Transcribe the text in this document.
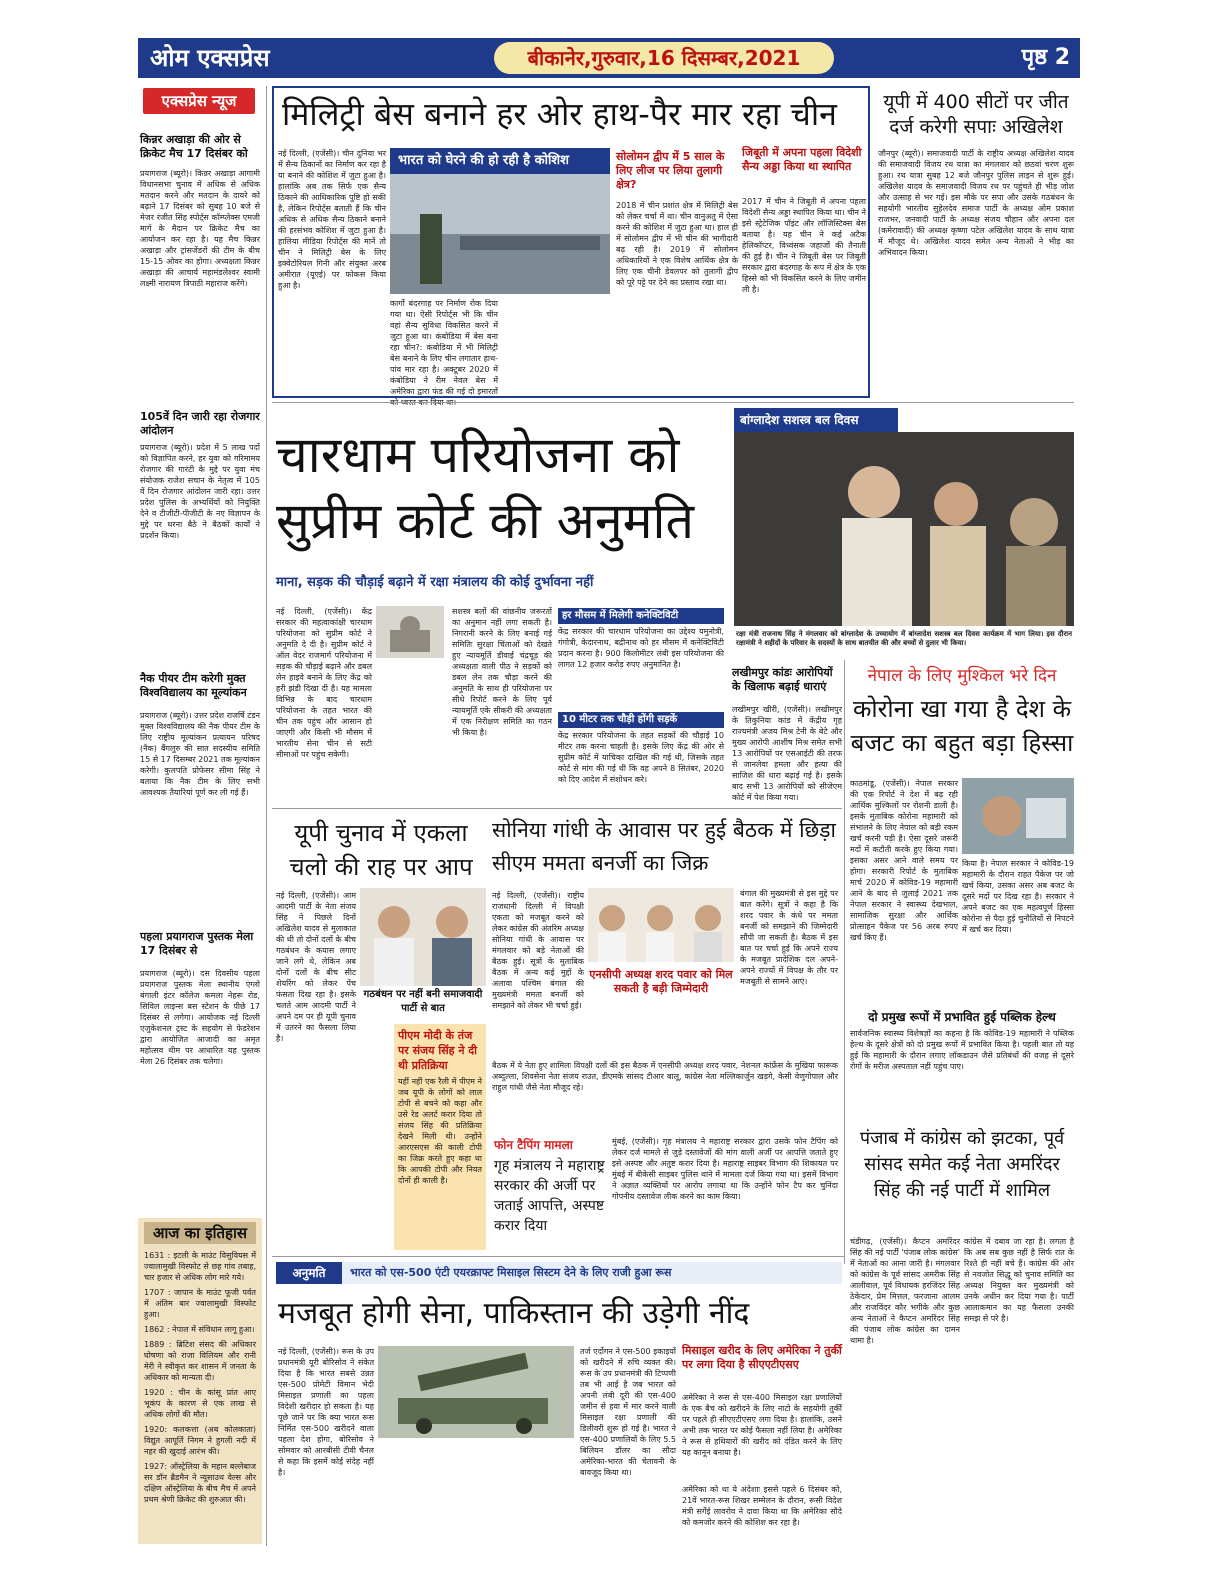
ओम एक्सप्रेस	बीकानेर,गुरुवार,16 दिसम्बर,2021	पृष्ठ 2
एक्सप्रेस न्यूज
किन्नर अखाड़ा की ओर से क्रिकेट मैच 17 दिसंबर को
प्रयागराज (ब्यूरो)। किन्नर अखाड़ा आगामी विधानसभा चुनाव में अधिक से अधिक मतदान करने और मतदान के दायरे को बढ़ाने 17 दिसंबर को सुबह 10 बजे से मेजर रंजीत सिंह स्पोर्ट्स कॉम्प्लेक्स एमजी मार्ग के मैदान पर क्रिकेट मैच का आयोजन कर रहा है। यह मैच किन्नर अखाड़ा और ट्रांसजेंडरों की टीम के बीच 15-15 ओवर का होगा। अध्यक्षता किन्नर अखाड़ा की आचार्य महामंडलेश्वर स्वामी लक्ष्मी नारायण त्रिपाठी महाराज करेंगे।
105वें दिन जारी रहा रोजगार आंदोलन
प्रयागराज (ब्यूरो)। प्रदेश में 5 लाख पदों को विज्ञापित करने, हर युवा को गरिमामय रोजगार की गारंटी के मुद्दे पर युवा मंच संयोजक राजेश सचान के नेतृत्व में 105 वें दिन रोजगार आंदोलन जारी रहा। उत्तर प्रदेश पुलिस के अभ्यर्थियों को नियुक्ति देने व टीजीटी-पीजीटी के नए विज्ञापन के मुद्दे पर धरना बैठे ने बैठकों कार्यों ने प्रदर्शन किया।
नैक पीयर टीम करेगी मुक्त विश्वविद्यालय का मूल्यांकन
प्रयागराज (ब्यूरो)। उत्तर प्रदेश राजर्षि टंडन मुक्त विश्वविद्यालय की नैक पीयर टीम के लिए राष्ट्रीय मूल्यांकन प्रत्यायन परिषद (नैक) बैंगलुरु की सात सदस्यीय समिति 15 से 17 दिसम्बर 2021 तक मूल्यांकन करेगी। कुलपति प्रोफेसर सीमा सिंह ने बताया कि नैक टीम के लिए सभी आवश्यक तैयारियां पूर्ण कर ली गई हैं।
पहला प्रयागराज पुस्तक मेला 17 दिसंबर से
प्रयागराज (ब्यूरो)। दस दिवसीय पहला प्रयागराज पुस्तक मेला स्थानीय एंग्लो बंगाली इंटर कॉलेज कमला नेहरू रोड, सिविल लाइन्स बस स्टेशन के पीछे 17 दिसंबर से लगेगा। आयोजक नई दिल्ली एजुकेशनल ट्रस्ट के सहयोग से फेडरेशन द्वारा आयोजित आजादी का अमृत महोत्सव थीम पर आधारित यह पुस्तक मेला 26 दिसंबर तक चलेगा।
आज का इतिहास
1631 : इटली के माउंट विसुवियस में ज्वालामुखी विस्फोट से छह गांव तबाह, चार हजार से अधिक लोग मारे गये।
1707 : जापान के माउंट फूजी पर्वत में अंतिम बार ज्वालामुखी विस्फोट हुआ।
1862 : नेपाल में संविधान लागू हुआ।
1889 : ब्रिटिश संसद की अधिकार घोषणा को राजा विलियम और रानी मेरी ने स्वीकृत कर शासन में जनता के अधिकार को मान्यता दी।
1920 : चीन के कांसू प्रांत आए भूकंप के कारण से एक लाख से अधिक लोगों की मौत।
1920: कलकत्ता (अब कोलकाता) विद्युत आपूर्ति निगम ने हुगली नदी में नहर की खुदाई आरंभ की।
1927: ऑस्ट्रेलिया के महान बल्लेबाज सर डॉन ब्रैडमैन ने न्यूसाउथ वेल्स और दक्षिण ऑस्ट्रेलिया के बीच मैच में अपने प्रथम श्रेणी क्रिकेट की शुरुआत की।
मिलिट्री बेस बनाने हर ओर हाथ-पैर मार रहा चीन
नई दिल्ली, (एजेंसी)। चीन दुनिया भर में सैन्य ठिकानों का निर्माण कर रहा है या बनाने की कोशिश में जुटा हुआ है। हालांकि अब तक सिर्फ एक सैन्य ठिकाने की आधिकारिक पुष्टि हो सकी है, लेकिन रिपोर्ट्स बताती हैं कि चीन अधिक से अधिक सैन्य ठिकाने बनाने की हरसंभव कोशिश में जुटा हुआ है। हालिया मीडिया रिपोर्ट्स की मानें तो चीन ने मिलिट्री बेस के लिए इक्वेटोरियल गिनी और संयुक्त अरब अमीरात (यूएई) पर फोकस किया हुआ है।
भारत को घेरने की हो रही है कोशिश
कार्गो बंदरगाह पर निर्माण रोक दिया गया था। ऐसी रिपोर्ट्स भी कि चीन वहां सैन्य सुविधा विकसित करने में जुटा हुआ था। कंबोडिया में बेस बना रहा चीन?: कंबोडिया में भी मिलिट्री बेस बनाने के लिए चीन लगातार हाथ-पांव मार रहा है। अक्टूबर 2020 में कंबोडिया ने रीम नेवल बेस में अमेरिका द्वारा फंड की गई दो इमारतों
सोलोमन द्वीप में 5 साल के लिए लीज पर लिया तुलागी क्षेत्र?
2018 में चीन प्रशांत क्षेत्र में मिलिट्री बेस को लेकर चर्चा में था। चीन वानुअतु में ऐसा करने की कोशिश में जुटा हुआ था। हाल ही में सोलोमन द्वीप में भी चीन की भागीदारी बढ़ रही है। 2019 में सोलोमन अधिकारियों ने एक विशेष आर्थिक क्षेत्र के लिए एक चीनी डेवलपर को तुलागी द्वीप को पूरे पट्टे पर देने का प्रस्ताव रखा था।
जिबूती में अपना पहला विदेशी सैन्य अड्डा किया था स्थापित
2017 में चीन ने जिबूती में अपना पहला विदेशी सैन्य अड्डा स्थापित किया था। चीन ने इसे स्ट्रेटेजिक पॉइंट और लॉजिस्टिक्स बेस बताया है। यह चीन ने कई अटैक हेलिकॉप्टर, विध्वंसक जहाजों की तैनाती की हुई है। चीन ने जिबूती बेस पर जिबूती सरकार द्वारा बंदरगाह के रूप में क्षेत्र के एक हिस्से को भी विकसित करने के लिए जमीन ली है।
यूपी में 400 सीटों पर जीत दर्ज करेगी सपाः अखिलेश
जौनपुर (ब्यूरो)। समाजवादी पार्टी के राष्ट्रीय अध्यक्ष अखिलेश यादव की समाजवादी विजय रथ यात्रा का मंगलवार को छठवां चरण शुरू हुआ। रथ यात्रा सुबह 12 बजे जौनपुर पुलिस लाइन से शुरू हुई। अखिलेश यादव के समाजवादी विजय रथ पर पहुंचते ही भीड़ जोश और उत्साह से भर गई। इस मौके पर सपा और उसके गठबंधन के सहयोगी भारतीय सुहेलदेव समाज पार्टी के अध्यक्ष ओम प्रकाश राजभर, जनवादी पार्टी के अध्यक्ष संजय चौहान और अपना दल (कमेरावादी) की अध्यक्ष कृष्णा पटेल अखिलेश यादव के साथ यात्रा में मौजूद थे। अखिलेश यादव समेत अन्य नेताओं ने भीड़ का अभिवादन किया।
चारधाम परियोजना को सुप्रीम कोर्ट की अनुमति
माना, सड़क की चौड़ाई बढ़ाने में रक्षा मंत्रालय की कोई दुर्भावना नहीं
नई दिल्ली, (एजेंसी)। केंद्र सरकार की महत्वाकांक्षी चारधाम परियोजना को सुप्रीम कोर्ट ने अनुमति दे दी है। सुप्रीम कोर्ट ने ऑल वेदर राजमार्ग परियोजना में सड़क की चौड़ाई बढ़ाने और डबल लेन हाइवे बनाने के लिए केंद्र को हरी झंडी दिखा दी है। यह मामला विभिन्न के बाद चारधाम परियोजना के तहत भारत की चीन तक पहुंच और आसान हो जाएगी और किसी भी मौसम में भारतीय सेना चीन से सटी सीमाओं पर पहुंच सकेगी।
सशस्त्र बलों की वांछनीय जरूरतों का अनुमान नहीं लगा सकती है। निगरानी करने के लिए बनाई गई समितिः सुरक्षा चिंताओं को देखते हुए न्यायमूर्ति डीवाई चंद्रचूड़ की अध्यक्षता वाली पीठ ने सड़कों को डबल लेन तक चौड़ा करने की अनुमति के साथ ही परियोजना पर सीधे रिपोर्ट करने के लिए पूर्व न्यायमूर्ति एके सीकरी की अध्यक्षता में एक निरीक्षण समिति का गठन भी किया है।
हर मौसम में मिलेगी कनेक्टिविटी
केंद्र सरकार की चारधाम परियोजना का उद्देश्य यमुनोत्री, गंगोत्री, केदारनाथ, बद्रीनाथ को हर मौसम में कनेक्टिविटी प्रदान करना है। 900 किलोमीटर लंबी इस परियोजना की लागत 12 हजार करोड़ रुपए अनुमानित है।
10 मीटर तक चौड़ी होंगी सड़कें
केंद्र सरकार परियोजना के तहत सड़कों की चौड़ाई 10 मीटर तक करना चाहती है। इसके लिए केंद्र की ओर से सुप्रीम कोर्ट में याचिका दाखिल की गई थी, जिसके तहत कोर्ट से मांग की गई थी कि वह अपने 8 सितंबर, 2020 को दिए आदेश में संशोधन करे।
बांग्लादेश सशस्त्र बल दिवस
रक्षा मंत्री राजनाथ सिंह ने मंगलवार को बांग्लादेश के उच्चायोग में बांग्लादेश सशस्त्र बल दिवस कार्यक्रम में भाग लिया। इस दौरान रक्षामंत्री ने शहीदों के परिवार के सदस्यों के साथ बातचीत की और बच्चों से दुलार भी किया।
लखीमपुर कांडः आरोपियों के खिलाफ बढ़ाई धाराएं
लखीमपुर खीरी, (एजेंसी)। लखीमपुर के तिकुनिया कांड में केंद्रीय गृह राज्यमंत्री अजय मिश्र टेनी के बेटे और मुख्य आरोपी आशीष मिश्र समेत सभी 13 आरोपियों पर एसआईटी की तरफ से जानलेवा हमला और हत्या की साजिश की धारा बढ़ाई गई है। इसके बाद सभी 13 आरोपियों को सीजेएम कोर्ट में पेश किया गया।
नेपाल के लिए मुश्किल भरे दिन
कोरोना खा गया है देश के बजट का बहुत बड़ा हिस्सा
काठमांडू, (एजेंसी)। नेपाल सरकार की एक रिपोर्ट ने देश में बढ़ रही आर्थिक मुश्किलों पर रोशनी डाली है। इसके मुताबिक कोरोना महामारी को संभालने के लिए नेपाल को बड़ी रकम खर्च करनी पड़ी है। ऐसा दूसरे जरूरी मदों में कटौती करके हुए किया गया। इसका असर आने वाले समय पर होगा। सरकारी रिपोर्ट के मुताबिक मार्च 2020 में कोविड-19 महामारी आने के बाद से जुलाई 2021 तक नेपाल सरकार ने स्वास्थ्य देखभाल, सामाजिक सुरक्षा और आर्थिक प्रोत्साहन पैकेज पर 56 अरब रुपए खर्च किए हैं।
किया है। नेपाल सरकार ने कोविड-19 महामारी के दौरान राहत पैकेज पर जो खर्च किया, उसका असर अब बजट के दूसरे मदों पर दिख रहा है। सरकार ने अपने बजट का एक महत्वपूर्ण हिस्सा कोरोना से पैदा हुई चुनौतियों से निपटने में खर्च कर दिया।
दो प्रमुख रूपों में प्रभावित हुई पब्लिक हेल्थ
सार्वजनिक स्वास्थ्य विशेषज्ञों का कहना है कि कोविड-19 महामारी ने पब्लिक हेल्थ के दूसरे क्षेत्रों को दो प्रमुख रूपों में प्रभावित किया है। पहली बात तो यह हुई कि महामारी के दौरान लगाए लॉकडाउन जैसे प्रतिबंधों की वजह से दूसरे रोगों के मरीज अस्पताल नहीं पहुंच पाए।
यूपी चुनाव में एकला चलो की राह पर आप
नई दिल्ली, (एजेंसी)। आम आदमी पार्टी के नेता संजय सिंह ने पिछले दिनों अखिलेश यादव से मुलाकात की थी तो दोनों दलों के बीच गठबंधन के कयास लगाए जाने लगे थे, लेकिन अब दोनों दलों के बीच सीट शेयरिंग को लेकर पेंच फंसता दिख रहा है। इसके चलते आम आदमी पार्टी ने अपने दम पर ही यूपी चुनाव में उतरने का फैसला लिया है।
गठबंधन पर नहीं बनी समाजवादी पार्टी से बात
पीएम मोदी के तंज पर संजय सिंह ने दी थी प्रतिक्रिया
यहीं नहीं एक रैली में पीएम ने जब यूपी के लोगों को लाल टोपी से बचने को कहा और उसे रेड अलर्ट करार दिया तो संजय सिंह की प्रतिक्रिया देखने मिली थी। उन्होंने आरएसएस की काली टोपी का जिक्र करते हुए कहा था कि आपकी टोपी और नियत दोनों ही काली है।
सोनिया गांधी के आवास पर हुई बैठक में छिड़ा सीएम ममता बनर्जी का जिक्र
नई दिल्ली, (एजेंसी)। राष्ट्रीय राजधानी दिल्ली में विपक्षी एकता को मजबूत करने को लेकर कांग्रेस की अंतरिम अध्यक्ष सोनिया गांधी के आवास पर मंगलवार को बड़े नेताओं की बैठक हुई। सूत्रों के मुताबिक बैठक में अन्य कई मुद्दों के अलावा पश्चिम बंगाल की मुख्यमंत्री ममता बनर्जी को समझाने को लेकर भी चर्चा हुई।
एनसीपी अध्यक्ष शरद पवार को मिल सकती है बड़ी जिम्मेदारी
बंगाल की मुख्यमंत्री से इस मुद्दे पर बात करेंगे। सूत्रों ने कहा है कि शरद पवार के कंधे पर ममता बनर्जी को समझाने की जिम्मेदारी सौंपी जा सकती है। बैठक में इस बात पर चर्चा हुई कि अपने राज्य के मजबूत प्रादेशिक दल अपने-अपने राज्यों में विपक्ष के तौर पर मजबूती से सामने आएं।
बैठक में ये नेता हुए शामिलः विपक्षी दलों की इस बैठक में एनसीपी अध्यक्ष शरद पवार, नेशनल कांफ्रेंस के मुखिया फारूक अब्दुल्ला, शिवसेना नेता संजय राउत, डीएमके सांसद टीआर बालू, कांग्रेस नेता मल्लिकार्जुन खड़गे, केसी वेणुगोपाल और राहुल गांधी जैसे नेता मौजूद रहे।
फोन टैपिंग मामला
गृह मंत्रालय ने महाराष्ट्र सरकार की अर्जी पर जताई आपत्ति, अस्पष्ट करार दिया
मुंबई, (एजेंसी)। गृह मंत्रालय ने महाराष्ट्र सरकार द्वारा उसके फोन टैपिंग को लेकर दर्ज मामले से जुड़े दस्तावेजों की मांग वाली अर्जी पर आपत्ति जताते हुए इसे अस्पष्ट और अतुष्ट करार दिया है। महाराष्ट्र साइबर विभाग की शिकायत पर मुंबई में बीकेसी साइबर पुलिस थाने में मामला दर्ज किया गया था। इसमें विभाग ने अज्ञात व्यक्तियों पर आरोप लगाया था कि उन्होंने फोन टैप कर चुनिंदा गोपनीय दस्तावेज लीक करने का काम किया।
पंजाब में कांग्रेस को झटका, पूर्व सांसद समेत कई नेता अमरिंदर सिंह की नई पार्टी में शामिल
चंडीगढ़, (एजेंसी)। कैप्टन अमरिंदर सिंह की नई पार्टी 'पंजाब लोक कांग्रेस' में नेताओं का आना जारी है। मंगलवार को कांग्रेस के पूर्व सांसद अमरीक सिंह आलीवाल, पूर्व विधायक हरजिंदर सिंह ठेकेदार, प्रेम मित्तल, फरजाना आलम और राजविंदर कौर भगीके और कुछ अन्य नेताओं ने कैप्टन अमरिंदर सिंह की पंजाब लोक कांग्रेस का दामन थामा है।
कांग्रेस में दबाव जा रहा है। लगता है कि अब सब कुछ नहीं है सिर्फ रात के रिश्ते ही नहीं बचे हैं। कांग्रेस की ओर से नवजोत सिद्धू को चुनाव समिति का अध्यक्ष नियुक्त कर मुख्यमंत्री को उनके अधीन कर दिया गया है। पार्टी आलाकमान का यह फैसला उनकी समझ से परे है।
अनुमति	भारत को एस-500 एंटी एयरक्राफ्ट मिसाइल सिस्टम देने के लिए राजी हुआ रूस
मजबूत होगी सेना, पाकिस्तान की उड़ेगी नींद
नई दिल्ली, (एजेंसी)। रूस के उप प्रधानमंत्री यूरी बोरिसोव ने संकेत दिया है कि भारत सबसे उन्नत एस-500 प्रोमेटी विमान भेदी मिसाइल प्रणाली का पहला विदेशी खरीदार हो सकता है। यह पूछे जाने पर कि क्या भारत रूस निर्मित एस-500 खरीदने वाला पहला देश होगा, बोरिसोव ने सोमवार को आरबीसी टीवी चैनल से कहा कि इसमें कोई संदेह नहीं है।
तर्ज एर्दोगन ने एस-500 इकाइयों को खरीदने में रुचि व्यक्त की। रूस के उप प्रधानमंत्री की टिप्पणी तब भी आई है जब भारत को अपनी लंबी दूरी की एस-400 जमीन से हवा में मार करने वाली मिसाइल रक्षा प्रणाली की डिलीवरी शुरू हो गई है। भारत ने एस-400 प्रणालियों के लिए 5.5 बिलियन डॉलर का सौदा अमेरिका-भारत की चेतावनी के बावजूद किया था।
मिसाइल खरीद के लिए अमेरिका ने तुर्की पर लगा दिया है सीएएटीएसए
अमेरिका ने रूस से एस-400 मिसाइल रक्षा प्रणालियों के एक बैच को खरीदने के लिए नाटो के सहयोगी तुर्की पर पहले ही सीएएटीएसए लगा दिया है। हालांकि, उसने अभी तक भारत पर कोई फैसला नहीं लिया है। अमेरिका ने रूस से हथियारों की खरीद को दंडित करने के लिए यह कानून बनाया है।
अमेरिका को था ये अंदेशाः इससे पहले 6 दिसंबर को, 21वें भारत-रूस शिखर सम्मेलन के दौरान, रूसी विदेश मंत्री सर्गेई लावरोव ने दावा किया था कि अमेरिका सौदे को कमजोर करने की कोशिश कर रहा है।
